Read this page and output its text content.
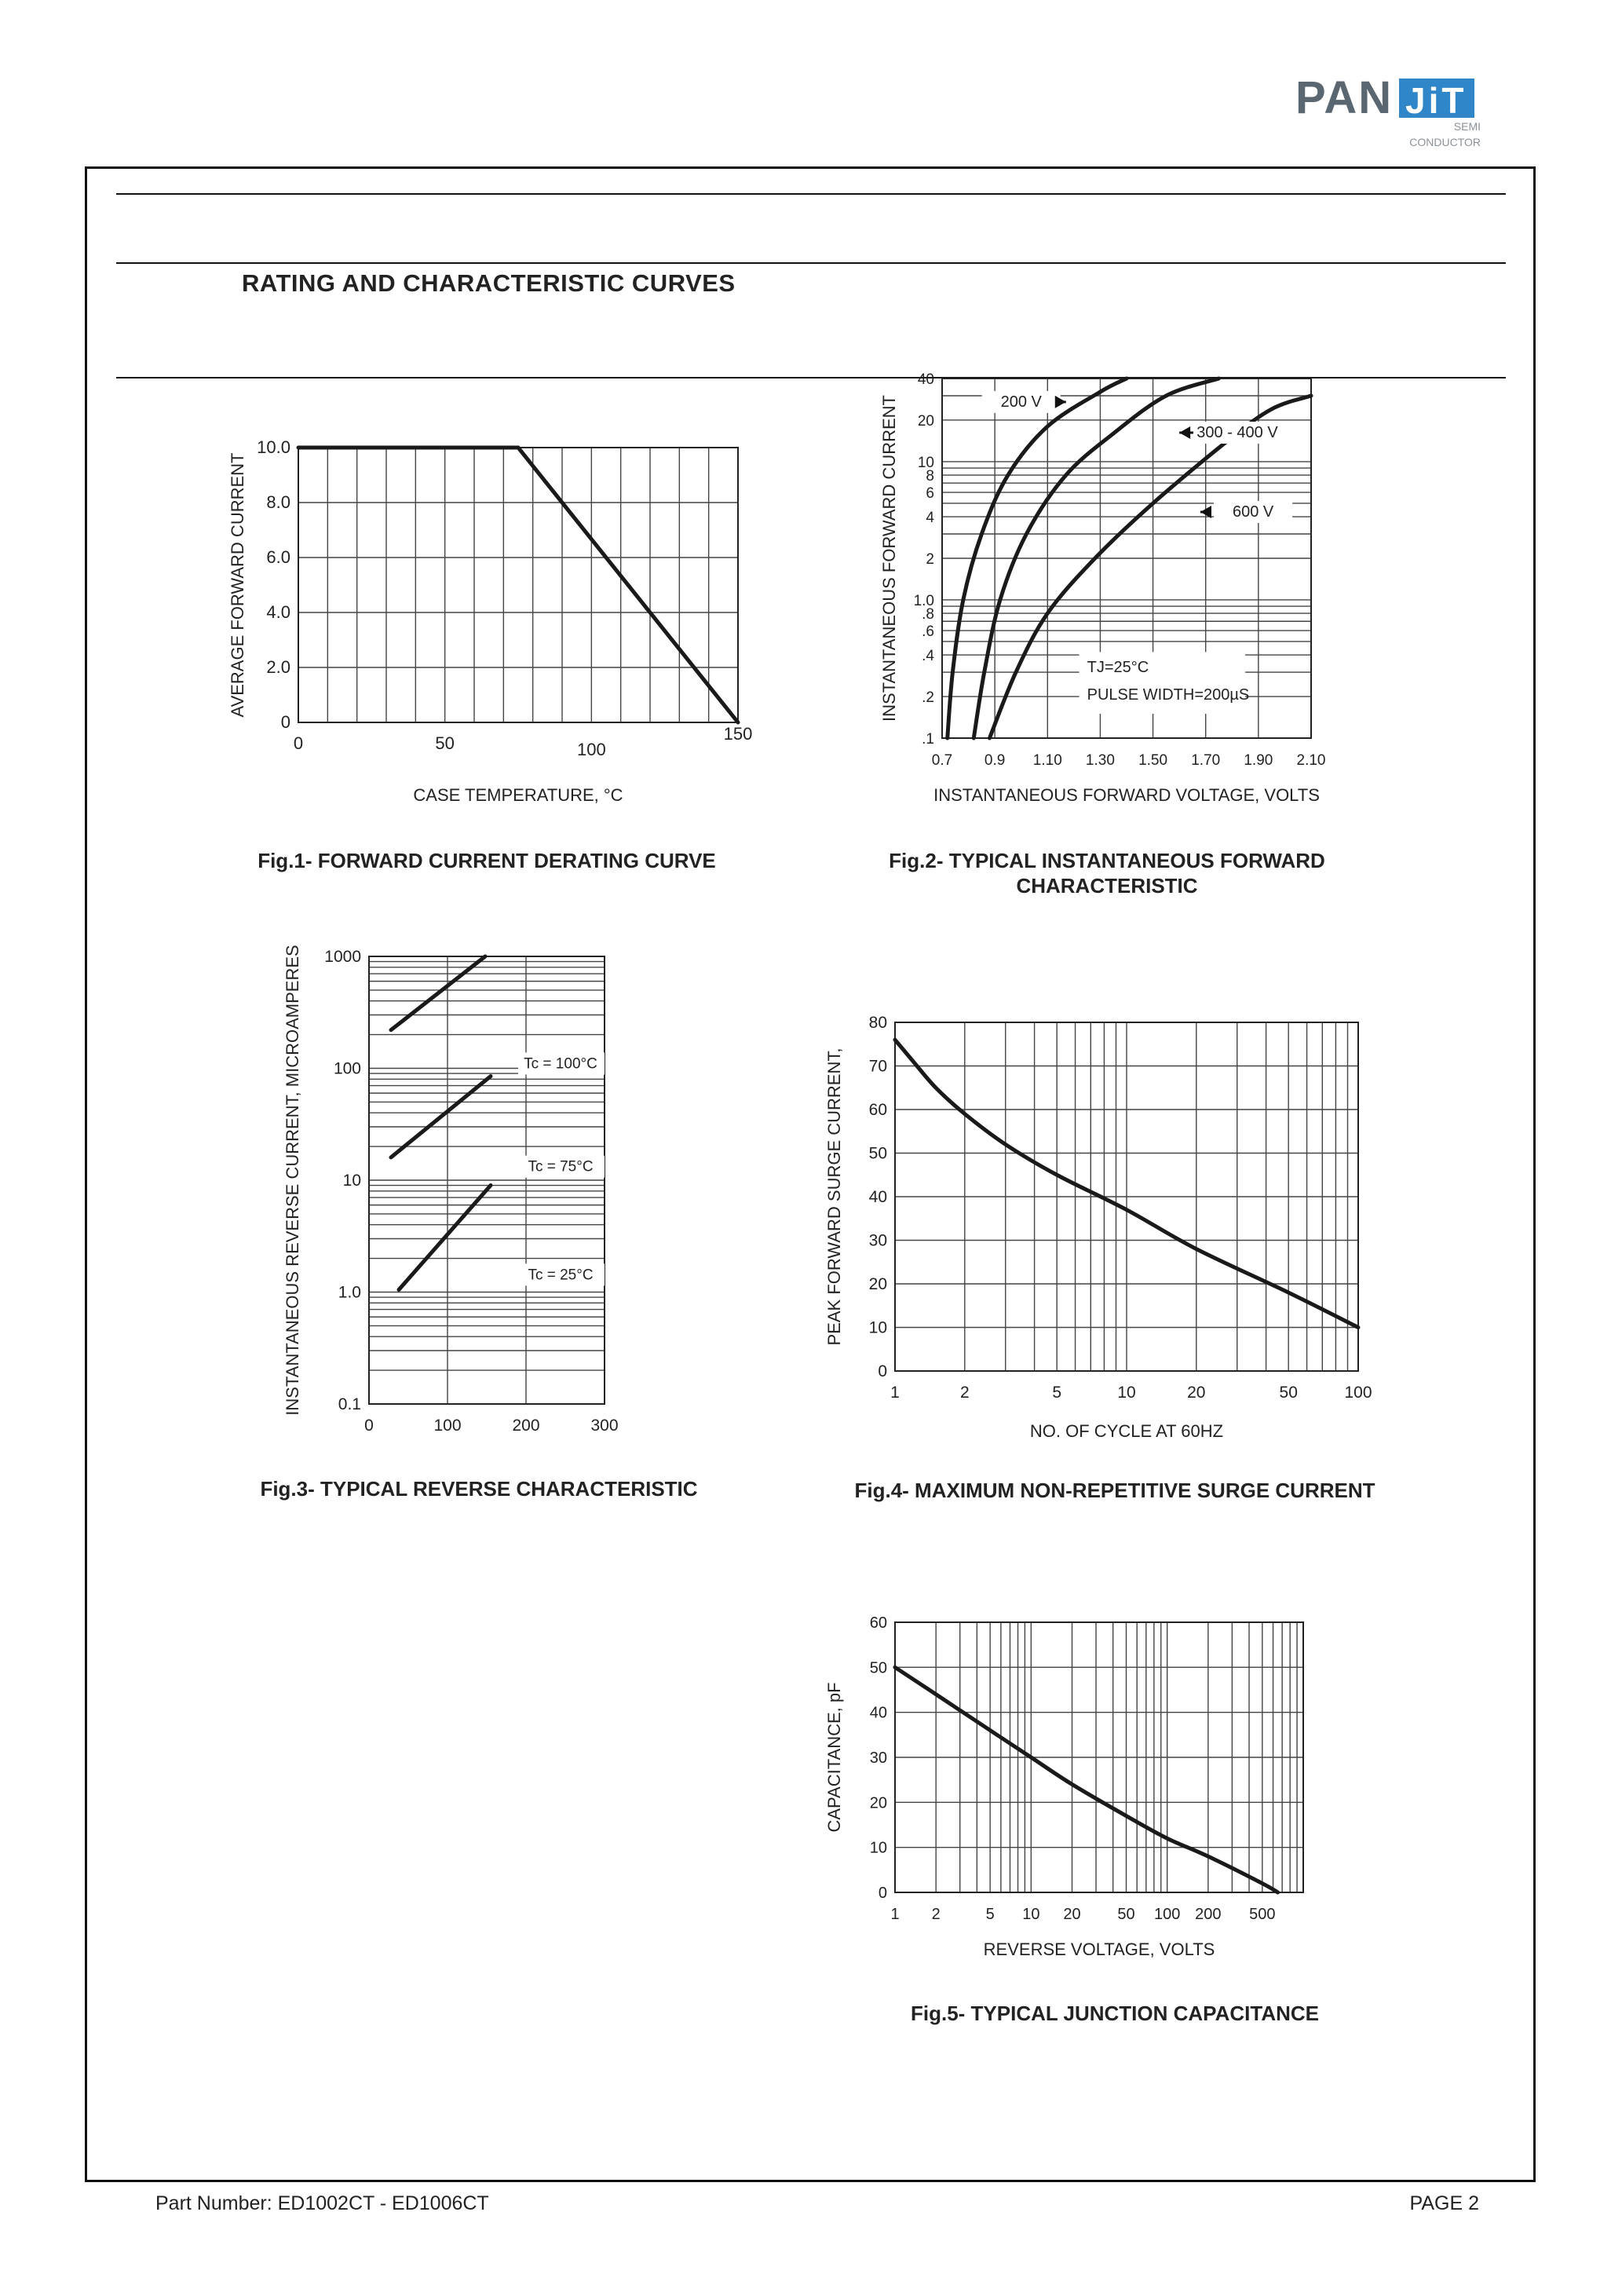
PAN JiT
SEMI
CONDUCTOR
RATING AND CHARACTERISTIC CURVES
0	50	100
150
0
2.0
4.0
6.0
8.0
10.0
CASE TEMPERATURE, °C
AVERAGE FORWARD CURRENT
0.7 0.9 1.10 1.30 1.50 1.70 1.90 2.10
.1
.2
.4
.6
.8
1.0
2
4
6
8
10
20
40
INSTANTANEOUS FORWARD VOLTAGE, VOLTS
INSTANTANEOUS FORWARD CURRENT	200 V
300 - 400 V
600 V
TJ=25°C
PULSE WIDTH=200µS
0	100	200	300
0.1
1.0
10
100
1000
INSTANTANEOUS REVERSE CURRENT, MICROAMPERES	Tc = 100°C
Tc = 75°C
Tc = 25°C
1	2	5	10	20	50	100
0
10
20
30
40
50
60
70
80
NO. OF CYCLE AT 60HZ
PEAK FORWARD SURGE CURRENT,
1 2	5 10 20 50 100 200 500
0
10
20
30
40
50
60
REVERSE VOLTAGE, VOLTS
CAPACITANCE, pF
Fig.1- FORWARD CURRENT DERATING CURVE	Fig.2- TYPICAL INSTANTANEOUS FORWARD CHARACTERISTIC
Fig.3- TYPICAL REVERSE CHARACTERISTIC	Fig.4- MAXIMUM NON-REPETITIVE SURGE CURRENT
Fig.5- TYPICAL JUNCTION CAPACITANCE
Part Number: ED1002CT - ED1006CT	PAGE 2
